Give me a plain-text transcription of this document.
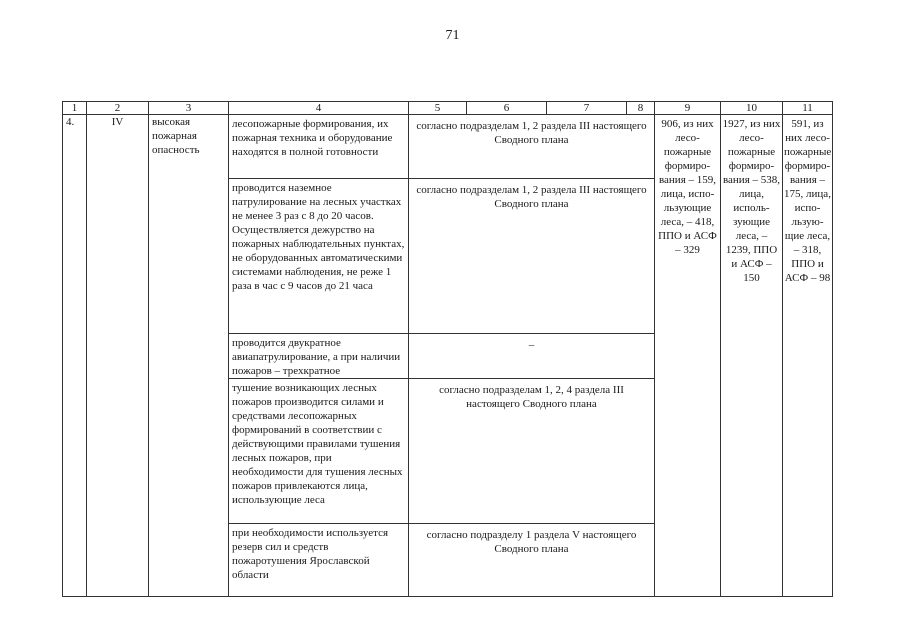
71
1	2	3	4	5	6	7	8	9	10	11
4.	IV	высокая пожарная опасность	лесопожарные формирования, их пожарная техника и оборудование находятся в полной готовности	согласно подразделам 1, 2 раздела III настоящего Сводного плана				906, из них лесо-пожарные формиро-вания – 159, лица, испо-льзующие леса, – 418, ППО и АСФ – 329	1927, из них лесо-пожарные формиро-вания – 538, лица, исполь-зующие леса, – 1239, ППО и АСФ – 150	591, из них лесо-пожарные формиро-вания – 175, лица, испо-льзую-щие леса, – 318, ППО и АСФ – 98
			проводится наземное патрулирование на лесных участках не менее 3 раз с 8 до 20 часов. Осуществляется дежурство на пожарных наблюдательных пунктах, не оборудованных автоматическими системами наблюдения, не реже 1 раза в час с 9 часов до 21 часа	согласно подразделам 1, 2 раздела III настоящего Сводного плана						
			проводится двукратное авиапатрулирование, а при наличии пожаров – трехкратное	–						
			тушение возникающих лесных пожаров производится силами и средствами лесопожарных формирований в соответствии с действующими правилами тушения лесных пожаров, при необходимости для тушения лесных пожаров привлекаются лица, использующие леса	согласно подразделам 1, 2, 4 раздела III настоящего Сводного плана						
			при необходимости используется резерв сил и средств пожаротушения Ярославской области	согласно подразделу 1 раздела V настоящего Сводного плана						
